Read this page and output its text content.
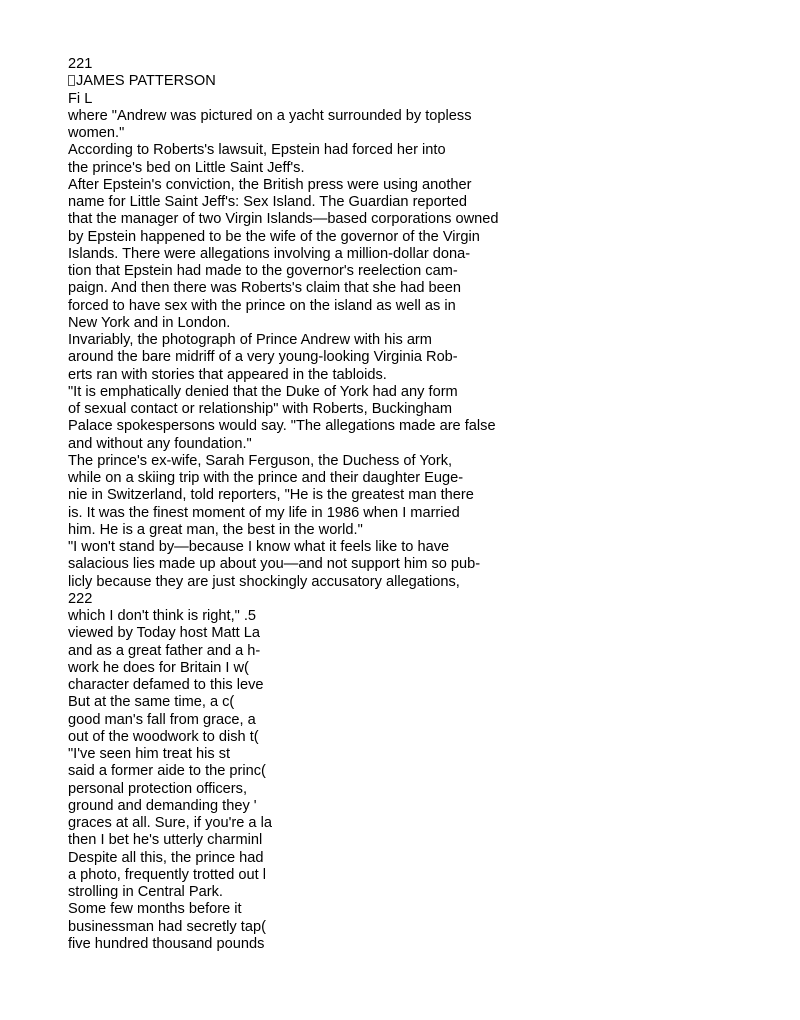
221
JAMES PATTERSON
Fi L
where "Andrew was pictured on a yacht surrounded by topless
women."
According to Roberts's lawsuit, Epstein had forced her into
the prince's bed on Little Saint Jeff's.
After Epstein's conviction, the British press were using another
name for Little Saint Jeff's: Sex Island. The Guardian reported
that the manager of two Virgin Islands—based corporations owned
by Epstein happened to be the wife of the governor of the Virgin
Islands. There were allegations involving a million-dollar dona-
tion that Epstein had made to the governor's reelection cam-
paign. And then there was Roberts's claim that she had been
forced to have sex with the prince on the island as well as in
New York and in London.
Invariably, the photograph of Prince Andrew with his arm
around the bare midriff of a very young-looking Virginia Rob-
erts ran with stories that appeared in the tabloids.
"It is emphatically denied that the Duke of York had any form
of sexual contact or relationship" with Roberts, Buckingham
Palace spokespersons would say. "The allegations made are false
and without any foundation."
The prince's ex-wife, Sarah Ferguson, the Duchess of York,
while on a skiing trip with the prince and their daughter Euge-
nie in Switzerland, told reporters, "He is the greatest man there
is. It was the finest moment of my life in 1986 when I married
him. He is a great man, the best in the world."
"I won't stand by—because I know what it feels like to have
salacious lies made up about you—and not support him so pub-
licly because they are just shockingly accusatory allegations,
222
which I don't think is right," .5
viewed by Today host Matt La
and as a great father and a h-
work he does for Britain I w(
character defamed to this leve
But at the same time, a c(
good man's fall from grace, a
out of the woodwork to dish t(
"I've seen him treat his st
said a former aide to the princ(
personal protection officers,
ground and demanding they '
graces at all. Sure, if you're a la
then I bet he's utterly charminl
Despite all this, the prince had
a photo, frequently trotted out l
strolling in Central Park.
Some few months before it
businessman had secretly tap(
five hundred thousand pounds
